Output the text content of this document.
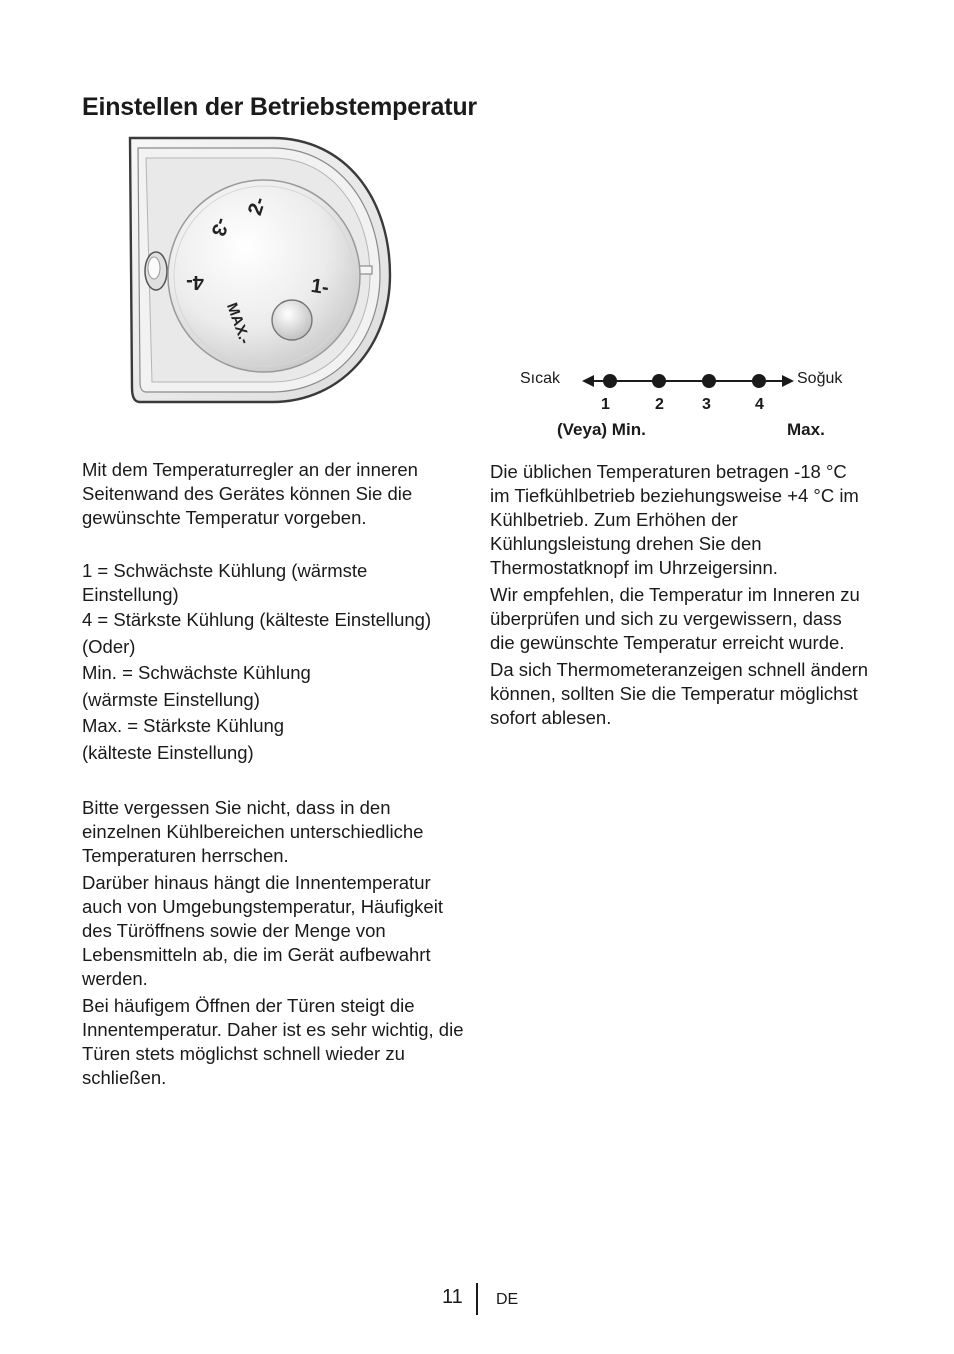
Einstellen der Betriebstemperatur
2-
-3
4-	1-
MAX.-
Sıcak	Soğuk
1	2 3	4
(Veya) Min.	Max.

Mit dem Temperaturregler an der inneren Seitenwand des Gerätes können Sie die gewünschte Temperatur vorgeben.

1 = Schwächste Kühlung (wärmste Einstellung)

4 = Stärkste Kühlung (kälteste Einstellung)

(Oder)

Min. = Schwächste Kühlung

(wärmste Einstellung)

Max. = Stärkste Kühlung

(kälteste Einstellung)

Bitte vergessen Sie nicht, dass in den einzelnen Kühlbereichen unterschiedliche Temperaturen herrschen.

Darüber hinaus hängt die Innentemperatur auch von Umgebungstemperatur, Häufigkeit des Türöffnens sowie der Menge von Lebensmitteln ab, die im Gerät aufbewahrt werden.

Bei häufigem Öffnen der Türen steigt die Innentemperatur. Daher ist es sehr wichtig, die Türen stets möglichst schnell wieder zu schließen.

Die üblichen Temperaturen betragen -18 °C im Tiefkühlbetrieb beziehungsweise +4 °C im Kühlbetrieb. Zum Erhöhen der Kühlungsleistung drehen Sie den Thermostatknopf im Uhrzeigersinn.

Wir empfehlen, die Temperatur im Inneren zu überprüfen und sich zu vergewissern, dass die gewünschte Temperatur erreicht wurde.

Da sich Thermometeranzeigen schnell ändern können, sollten Sie die Temperatur möglichst sofort ablesen.

11 DE
